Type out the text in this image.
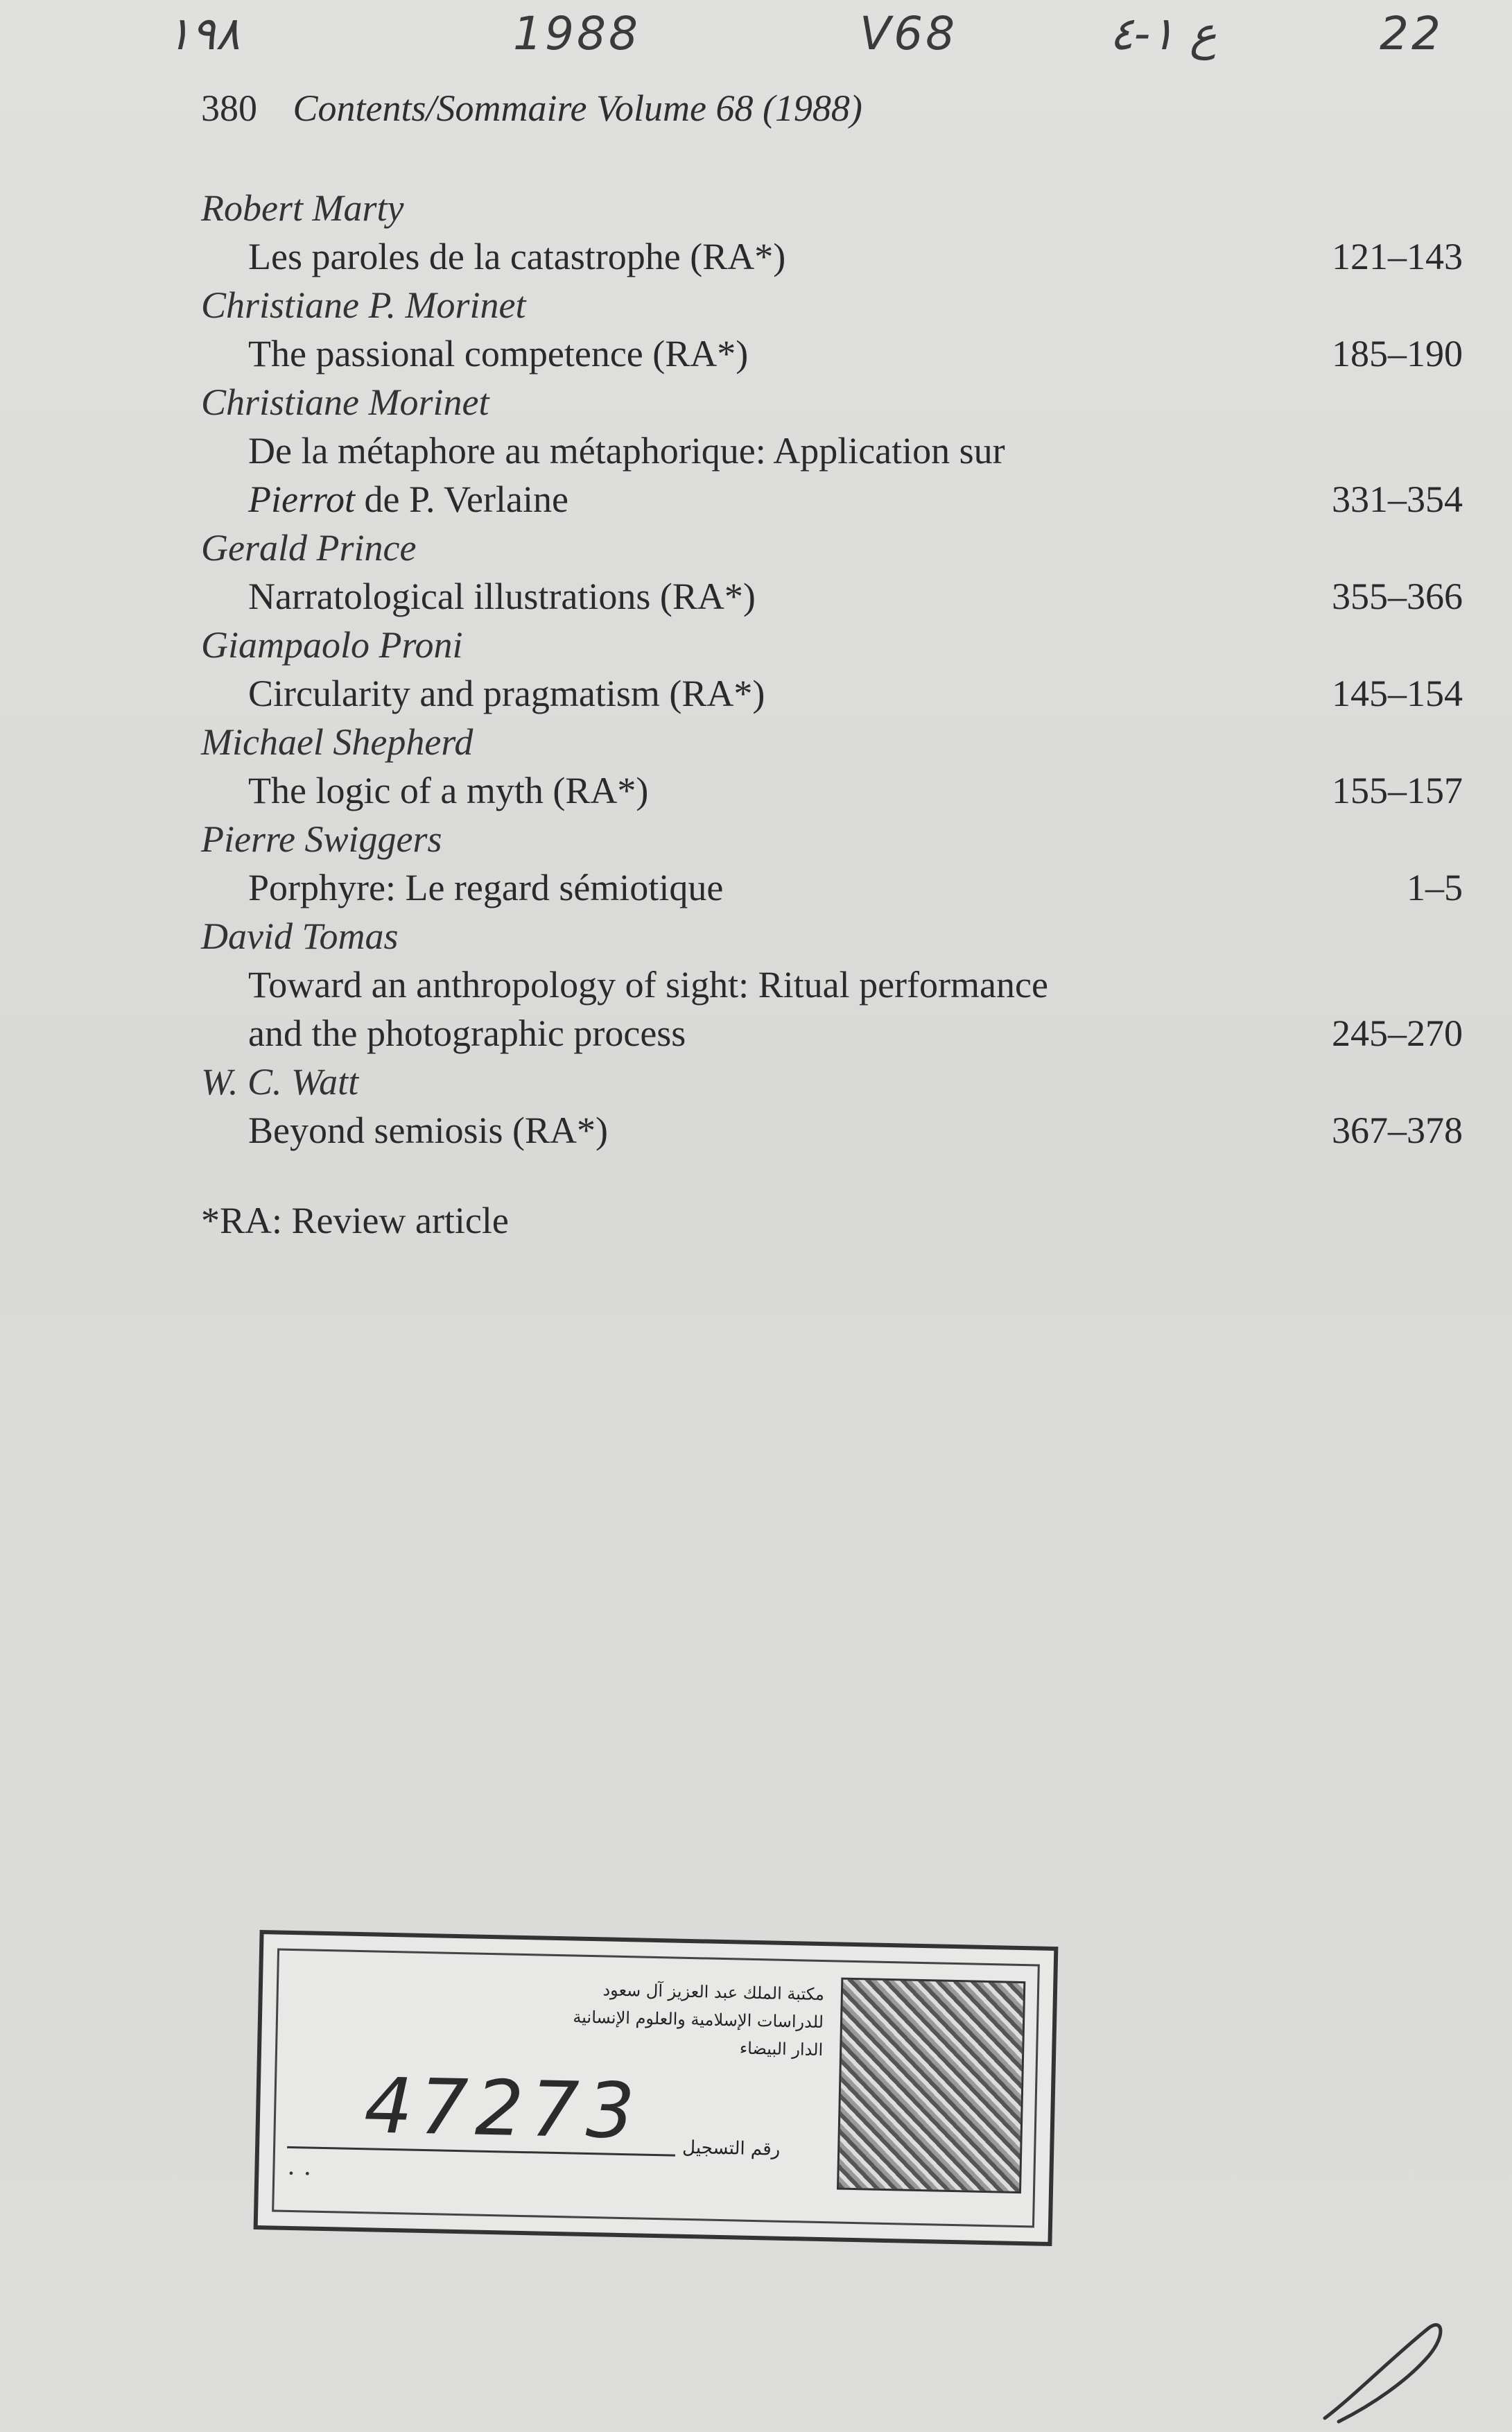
١٩٨	1988	V68	ع ١-٤	22
380 Contents/Sommaire Volume 68 (1988)
Robert Marty
Les paroles de la catastrophe (RA*)	121–143
Christiane P. Morinet
The passional competence (RA*)	185–190
Christiane Morinet
De la métaphore au métaphorique: Application sur
Pierrot de P. Verlaine	331–354
Gerald Prince
Narratological illustrations (RA*)	355–366
Giampaolo Proni
Circularity and pragmatism (RA*)	145–154
Michael Shepherd
The logic of a myth (RA*)	155–157
Pierre Swiggers
Porphyre: Le regard sémiotique	1–5
David Tomas
Toward an anthropology of sight: Ritual performance
and the photographic process	245–270
W. C. Watt
Beyond semiosis (RA*)	367–378
*RA: Review article
مكتبة الملك عبد العزيز آل سعود
للدراسات الإسلامية والعلوم الإنسانية
الدار البيضاء
47273 رقم التسجيل
· ·
